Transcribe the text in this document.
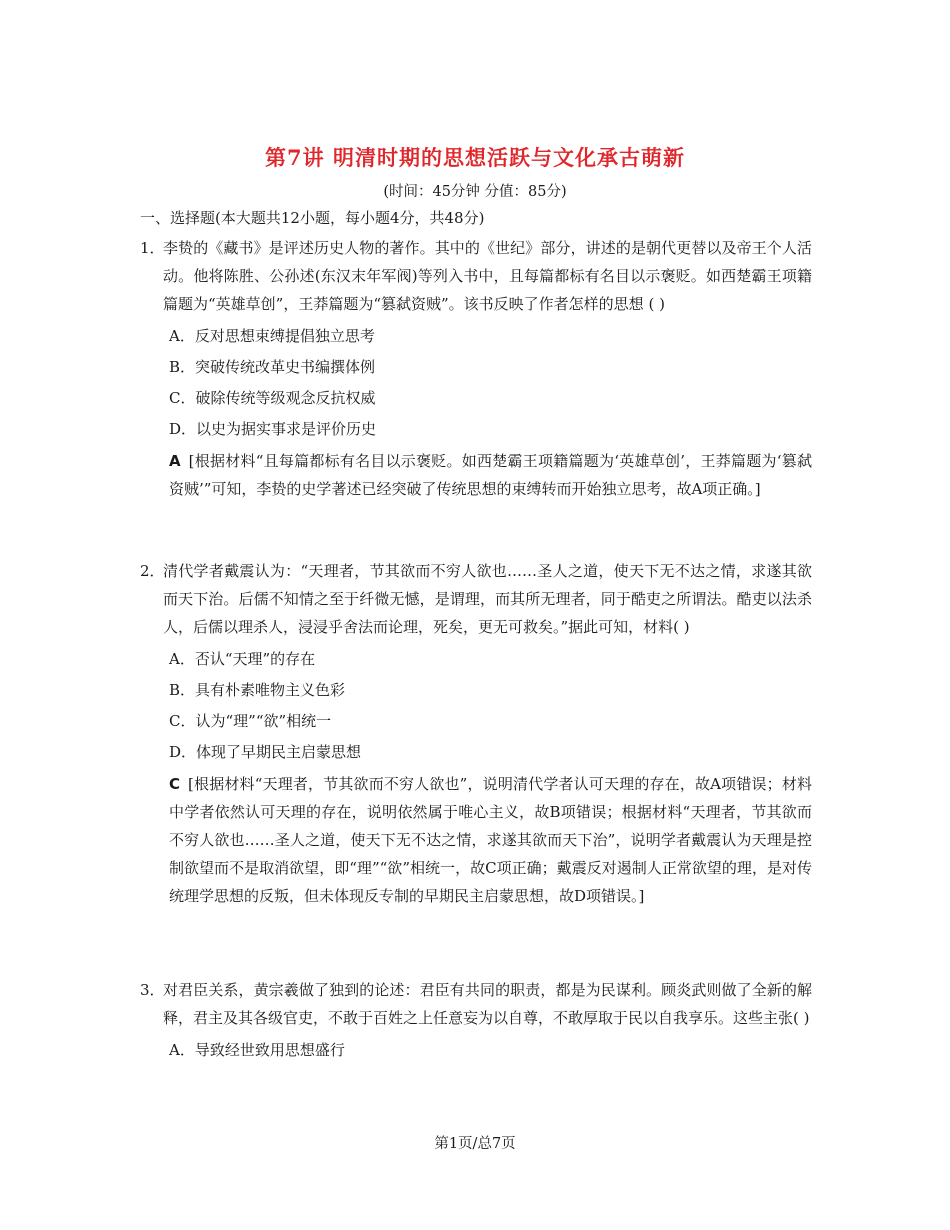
第7讲 明清时期的思想活跃与文化承古萌新
(时间：45分钟 分值：85分)
一、选择题(本大题共12小题，每小题4分，共48分)
1．
李贽的《藏书》是评述历史人物的著作。其中的《世纪》部分，讲述的是朝代更替以及帝王个人活动。他将陈胜、公孙述(东汉末年军阀)等列入书中，且每篇都标有名目以示褒贬。如西楚霸王项籍篇题为“英雄草创”，王莽篇题为“篡弑资贼”。该书反映了作者怎样的思想 ( )
A．反对思想束缚提倡独立思考
B．突破传统改革史书编撰体例
C．破除传统等级观念反抗权威
D．以史为据实事求是评价历史
A [根据材料“且每篇都标有名目以示褒贬。如西楚霸王项籍篇题为‘英雄草创’，王莽篇题为‘篡弑资贼’”可知，李贽的史学著述已经突破了传统思想的束缚转而开始独立思考，故A项正确。]
2．
清代学者戴震认为：“天理者，节其欲而不穷人欲也……圣人之道，使天下无不达之情，求遂其欲而天下治。后儒不知情之至于纤微无憾，是谓理，而其所无理者，同于酷吏之所谓法。酷吏以法杀人，后儒以理杀人，浸浸乎舍法而论理，死矣，更无可救矣。”据此可知，材料( )
A．否认“天理”的存在
B．具有朴素唯物主义色彩
C．认为“理”“欲”相统一
D．体现了早期民主启蒙思想
C [根据材料“天理者，节其欲而不穷人欲也”，说明清代学者认可天理的存在，故A项错误；材料中学者依然认可天理的存在，说明依然属于唯心主义，故B项错误；根据材料“天理者，节其欲而不穷人欲也……圣人之道，使天下无不达之情，求遂其欲而天下治”，说明学者戴震认为天理是控制欲望而不是取消欲望，即“理”“欲”相统一，故C项正确；戴震反对遏制人正常欲望的理，是对传统理学思想的反叛，但未体现反专制的早期民主启蒙思想，故D项错误。]
3．
对君臣关系，黄宗羲做了独到的论述：君臣有共同的职责，都是为民谋利。顾炎武则做了全新的解释，君主及其各级官吏，不敢于百姓之上任意妄为以自尊，不敢厚取于民以自我享乐。这些主张( )
A．导致经世致用思想盛行
第1页/总7页
